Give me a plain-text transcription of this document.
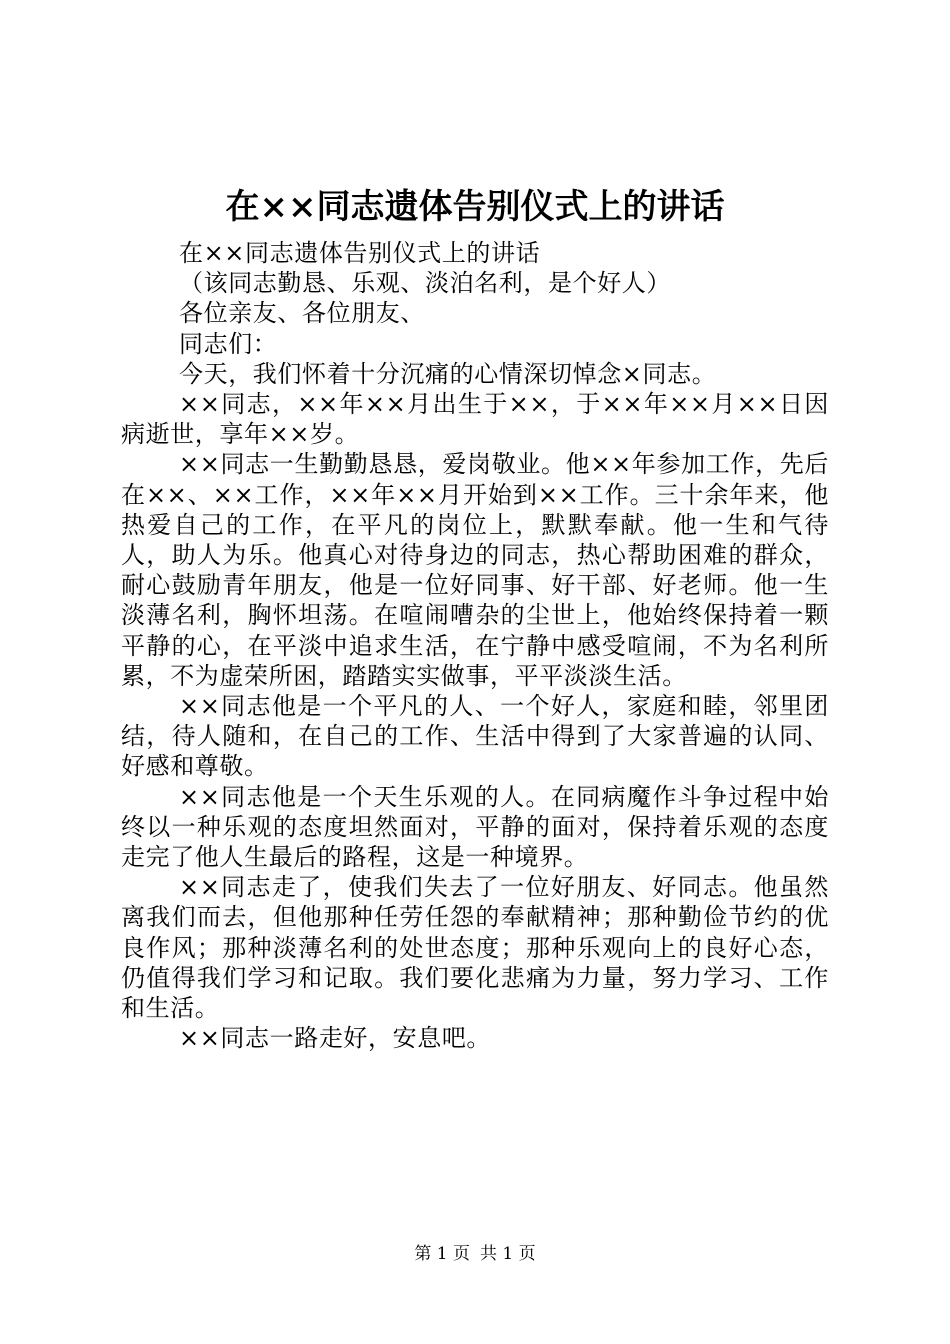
在××同志遗体告别仪式上的讲话

在××同志遗体告别仪式上的讲话

（该同志勤恳、乐观、淡泊名利，是个好人）

各位亲友、各位朋友、

同志们：

今天，我们怀着十分沉痛的心情深切悼念×同志。

××同志，××年××月出生于××，于××年××月××日因病逝世，享年××岁。

××同志一生勤勤恳恳，爱岗敬业。他××年参加工作，先后在××、××工作，××年××月开始到××工作。三十余年来，他热爱自己的工作，在平凡的岗位上，默默奉献。他一生和气待人，助人为乐。他真心对待身边的同志，热心帮助困难的群众，耐心鼓励青年朋友，他是一位好同事、好干部、好老师。他一生淡薄名利，胸怀坦荡。在喧闹嘈杂的尘世上，他始终保持着一颗平静的心，在平淡中追求生活，在宁静中感受喧闹，不为名利所累，不为虚荣所困，踏踏实实做事，平平淡淡生活。

××同志他是一个平凡的人、一个好人，家庭和睦，邻里团结，待人随和，在自己的工作、生活中得到了大家普遍的认同、好感和尊敬。

××同志他是一个天生乐观的人。在同病魔作斗争过程中始终以一种乐观的态度坦然面对，平静的面对，保持着乐观的态度走完了他人生最后的路程，这是一种境界。

××同志走了，使我们失去了一位好朋友、好同志。他虽然离我们而去，但他那种任劳任怨的奉献精神；那种勤俭节约的优良作风；那种淡薄名利的处世态度；那种乐观向上的良好心态，仍值得我们学习和记取。我们要化悲痛为力量，努力学习、工作和生活。

××同志一路走好，安息吧。

第 1 页 共 1 页
